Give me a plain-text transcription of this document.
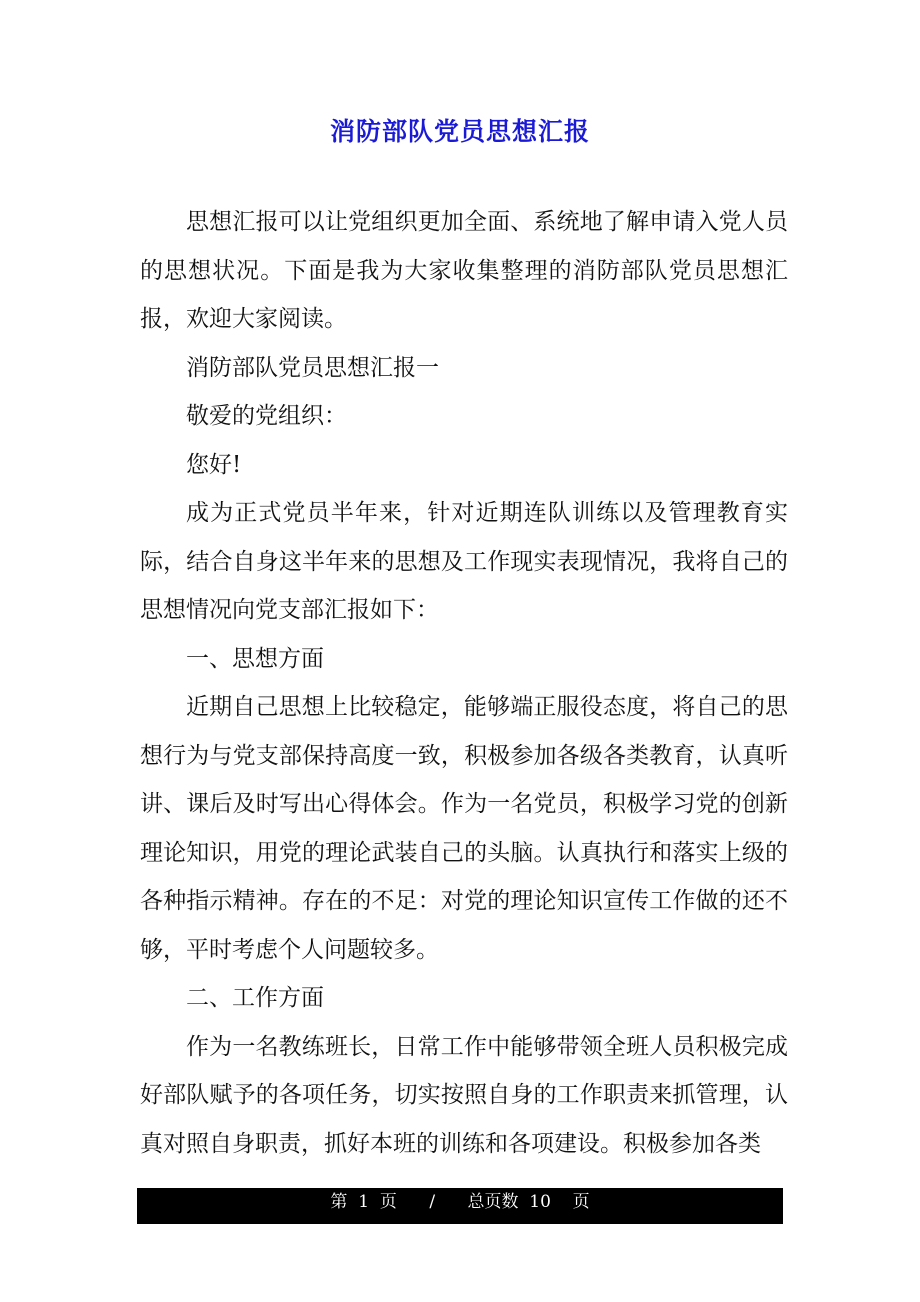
消防部队党员思想汇报

思想汇报可以让党组织更加全面、系统地了解申请入党人员的思想状况。下面是我为大家收集整理的消防部队党员思想汇报，欢迎大家阅读。

消防部队党员思想汇报一

敬爱的党组织：

您好!

成为正式党员半年来，针对近期连队训练以及管理教育实际，结合自身这半年来的思想及工作现实表现情况，我将自己的思想情况向党支部汇报如下：

一、思想方面

近期自己思想上比较稳定，能够端正服役态度，将自己的思想行为与党支部保持高度一致，积极参加各级各类教育，认真听讲、课后及时写出心得体会。作为一名党员，积极学习党的创新理论知识，用党的理论武装自己的头脑。认真执行和落实上级的各种指示精神。存在的不足：对党的理论知识宣传工作做的还不够，平时考虑个人问题较多。

二、工作方面

作为一名教练班长，日常工作中能够带领全班人员积极完成好部队赋予的各项任务，切实按照自身的工作职责来抓管理，认真对照自身职责，抓好本班的训练和各项建设。积极参加各类

第 1 页 / 总页数 10 页
